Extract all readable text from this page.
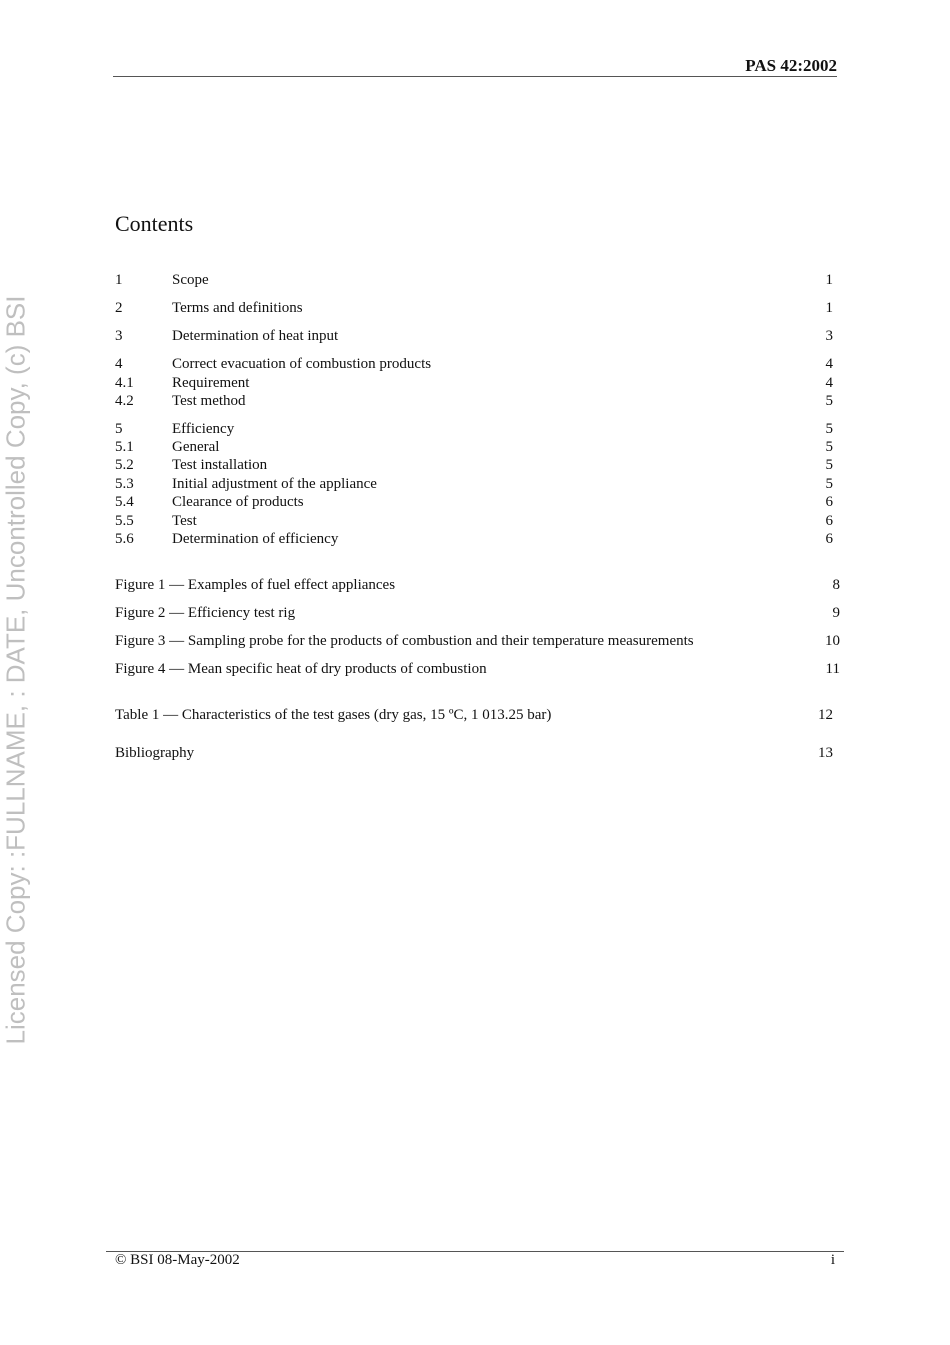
PAS 42:2002
Contents
1	Scope	1
2	Terms and definitions	1
3	Determination of heat input	3
4	Correct evacuation of combustion products	4
4.1	Requirement	4
4.2	Test method	5
5	Efficiency	5
5.1	General	5
5.2	Test installation	5
5.3	Initial adjustment of the appliance	5
5.4	Clearance of products	6
5.5	Test	6
5.6	Determination of efficiency	6
Figure 1 — Examples of fuel effect appliances	8
Figure 2 — Efficiency test rig	9
Figure 3 — Sampling probe for the products of combustion and their temperature measurements	10
Figure 4 — Mean specific heat of dry products of combustion	11
Table 1 — Characteristics of the test gases (dry gas, 15 ºC, 1 013.25 bar)	12
Bibliography	13
© BSI 08-May-2002	i
Licensed Copy: :FULLNAME, : DATE, Uncontrolled Copy, (c) BSI
